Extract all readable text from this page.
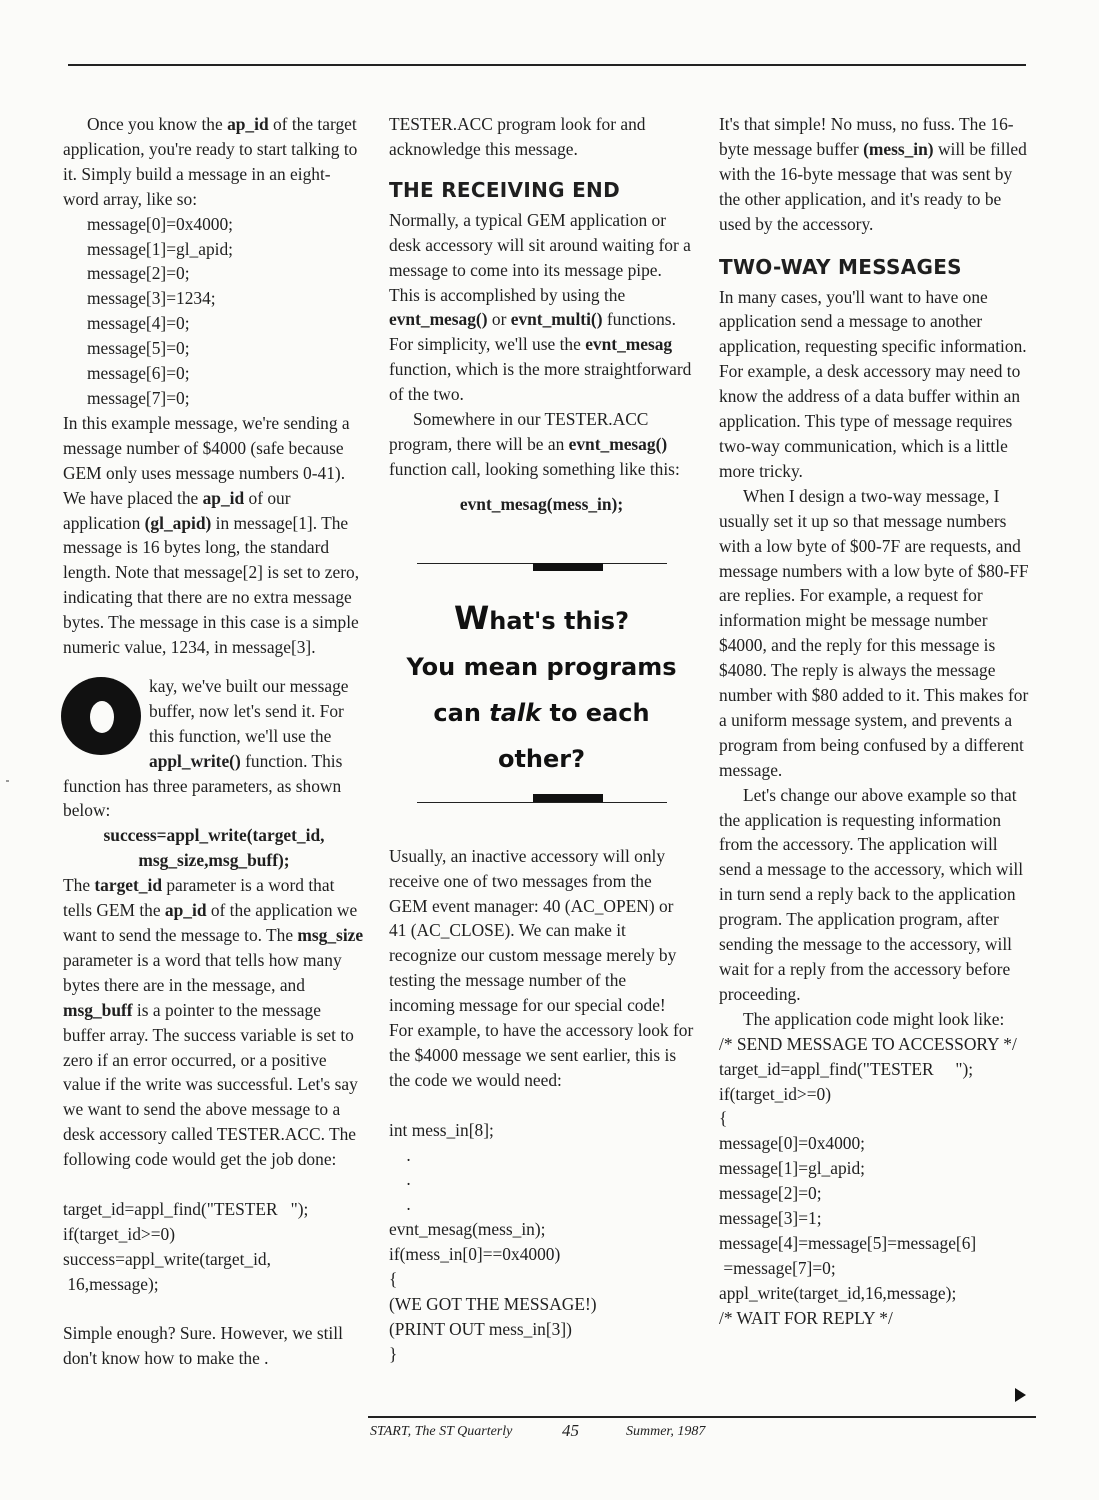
Once you know the ap_id of the target application, you're ready to start talking to it. Simply build a message in an eight-word array, like so:

message[0]=0x4000;
message[1]=gl_apid;
message[2]=0;
message[3]=1234;
message[4]=0;
message[5]=0;
message[6]=0;
message[7]=0;

In this example message, we're sending a message number of $4000 (safe because GEM only uses message numbers 0-41). We have placed the ap_id of our application (gl_apid) in message[1]. The message is 16 bytes long, the standard length. Note that message[2] is set to zero, indicating that there are no extra message bytes. The message in this case is a simple numeric value, 1234, in message[3].

kay, we've built our message buffer, now let's send it. For this function, we'll use the appl_write() function. This function has three parameters, as shown below:

success=appl_write(target_id,
msg_size,msg_buff);

The target_id parameter is a word that tells GEM the ap_id of the application we want to send the message to. The msg_size parameter is a word that tells how many bytes there are in the message, and msg_buff is a pointer to the message buffer array. The success variable is set to zero if an error occurred, or a positive value if the write was successful. Let's say we want to send the above message to a desk accessory called TESTER.ACC. The following code would get the job done:

target_id=appl_find("TESTER   ");
if(target_id>=0)
success=appl_write(target_id,
16,message);

Simple enough? Sure. However, we still don't know how to make the .

TESTER.ACC program look for and acknowledge this message.

THE RECEIVING END

Normally, a typical GEM application or desk accessory will sit around waiting for a message to come into its message pipe. This is accomplished by using the evnt_mesag() or evnt_multi() functions. For simplicity, we'll use the evnt_mesag function, which is the more straightforward of the two.

Somewhere in our TESTER.ACC program, there will be an evnt_mesag() function call, looking something like this:

evnt_mesag(mess_in);
What's this?
You mean programs
can talk to each
other?

Usually, an inactive accessory will only receive one of two messages from the GEM event manager: 40 (AC_OPEN) or 41 (AC_CLOSE). We can make it recognize our custom message merely by testing the message number of the incoming message for our special code! For example, to have the accessory look for the $4000 message we sent earlier, this is the code we would need:

int mess_in[8];
.
.
.
evnt_mesag(mess_in);
if(mess_in[0]==0x4000)
{
(WE GOT THE MESSAGE!)
(PRINT OUT mess_in[3])
}

It's that simple! No muss, no fuss. The 16-byte message buffer (mess_in) will be filled with the 16-byte message that was sent by the other application, and it's ready to be used by the accessory.

TWO-WAY MESSAGES

In many cases, you'll want to have one application send a message to another application, requesting specific information. For example, a desk accessory may need to know the address of a data buffer within an application. This type of message requires two-way communication, which is a little more tricky.

When I design a two-way message, I usually set it up so that message numbers with a low byte of $00-7F are requests, and message numbers with a low byte of $80-FF are replies. For example, a request for information might be message number $4000, and the reply for this message is $4080. The reply is always the message number with $80 added to it. This makes for a uniform message system, and prevents a program from being confused by a different message.

Let's change our above example so that the application is requesting information from the accessory. The application will send a message to the accessory, which will in turn send a reply back to the application program. The application program, after sending the message to the accessory, will wait for a reply from the accessory before proceeding.

The application code might look like:

/* SEND MESSAGE TO ACCESSORY */
target_id=appl_find("TESTER     ");
if(target_id>=0)
{
message[0]=0x4000;
message[1]=gl_apid;
message[2]=0;
message[3]=1;
message[4]=message[5]=message[6]
=message[7]=0;
appl_write(target_id,16,message);
/* WAIT FOR REPLY */
START, The ST Quarterly	45	Summer, 1987
